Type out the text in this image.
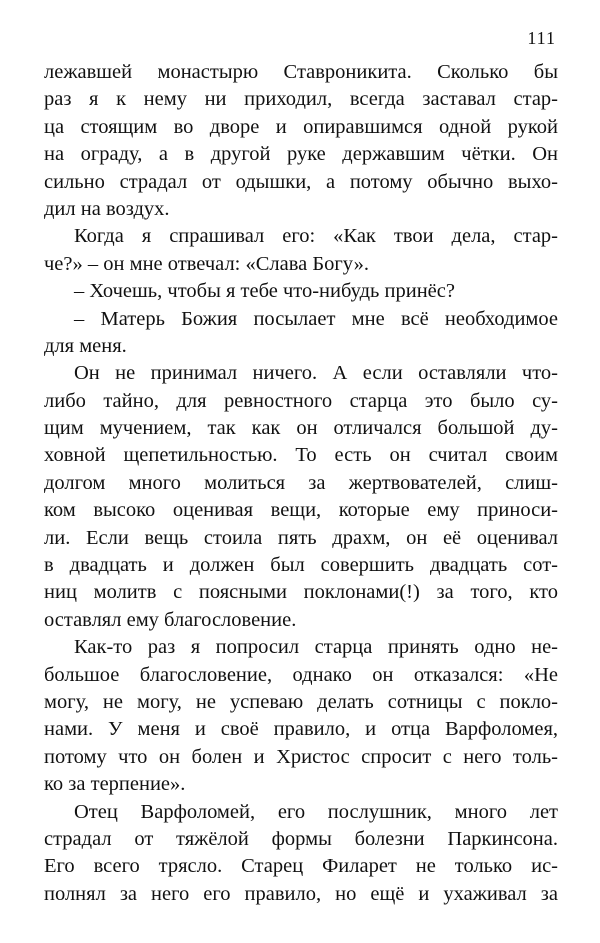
111
лежавшей монастырю Ставроникита. Сколько бы
раз я к нему ни приходил, всегда заставал стар-
ца стоящим во дворе и опиравшимся одной рукой
на ограду, а в другой руке державшим чётки. Он
сильно страдал от одышки, а потому обычно выхо-
дил на воздух.
Когда я спрашивал его: «Как твои дела, стар-
че?» – он мне отвечал: «Слава Богу».
– Хочешь, чтобы я тебе что-нибудь принёс?
– Матерь Божия посылает мне всё необходимое
для меня.
Он не принимал ничего. А если оставляли что-
либо тайно, для ревностного старца это было су-
щим мучением, так как он отличался большой ду-
ховной щепетильностью. То есть он считал своим
долгом много молиться за жертвователей, слиш-
ком высоко оценивая вещи, которые ему приноси-
ли. Если вещь стоила пять драхм, он её оценивал
в двадцать и должен был совершить двадцать сот-
ниц молитв с поясными поклонами(!) за того, кто
оставлял ему благословение.
Как-то раз я попросил старца принять одно не-
большое благословение, однако он отказался: «Не
могу, не могу, не успеваю делать сотницы с покло-
нами. У меня и своё правило, и отца Варфоломея,
потому что он болен и Христос спросит с него толь-
ко за терпение».
Отец Варфоломей, его послушник, много лет
страдал от тяжёлой формы болезни Паркинсона.
Его всего трясло. Старец Филарет не только ис-
полнял за него его правило, но ещё и ухаживал за
